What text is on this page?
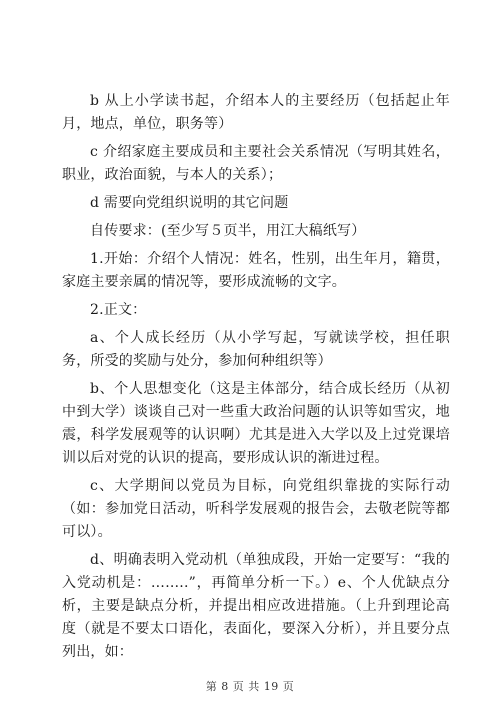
b 从上小学读书起，介绍本人的主要经历（包括起止年月，地点，单位，职务等）

c 介绍家庭主要成员和主要社会关系情况（写明其姓名，职业，政治面貌，与本人的关系）；

d 需要向党组织说明的其它问题

自传要求：(至少写５页半，用江大稿纸写）

1.开始：介绍个人情况：姓名，性别，出生年月，籍贯，家庭主要亲属的情况等，要形成流畅的文字。

2.正文：

a、个人成长经历（从小学写起，写就读学校，担任职务，所受的奖励与处分，参加何种组织等）

b、个人思想变化（这是主体部分，结合成长经历（从初中到大学）谈谈自己对一些重大政治问题的认识等如雪灾，地震，科学发展观等的认识啊）尤其是进入大学以及上过党课培训以后对党的认识的提高，要形成认识的渐进过程。

c、大学期间以党员为目标，向党组织靠拢的实际行动（如：参加党日活动，听科学发展观的报告会，去敬老院等都可以）。

d、明确表明入党动机（单独成段，开始一定要写：“我的入党动机是：……..”，再简单分析一下。）e、个人优缺点分析，主要是缺点分析，并提出相应改进措施。（上升到理论高度（就是不要太口语化，表面化，要深入分析），并且要分点列出，如：

第 8 页 共 19 页
